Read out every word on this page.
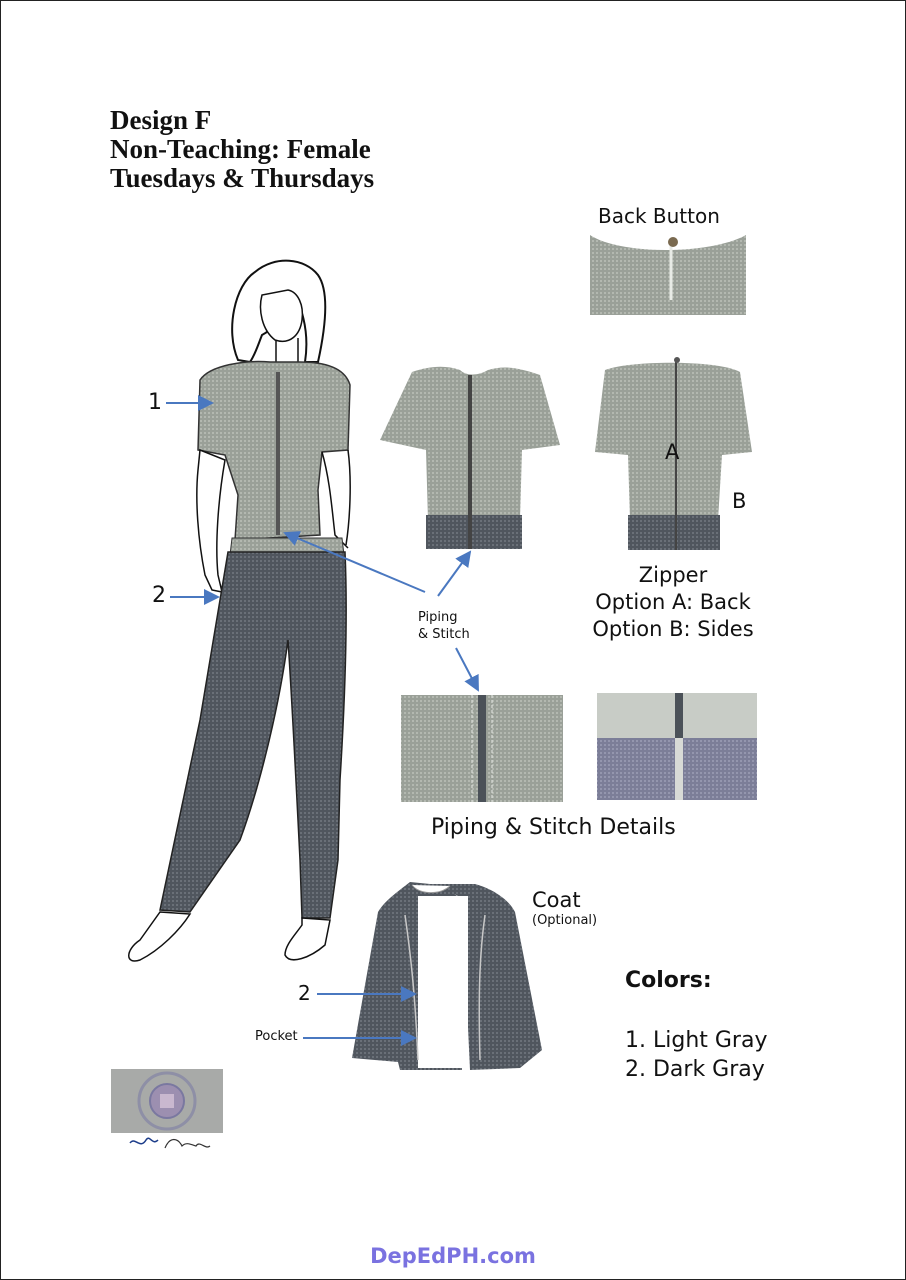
Design F
Non-Teaching: Female
Tuesdays & Thursdays
Back Button
1
2
A
B
Zipper
Option A: Back
Option B: Sides
Piping
& Stitch
Piping & Stitch Details
Coat
(Optional)
2
Pocket
Colors:
1. Light Gray
2. Dark Gray
DepEdPH.com
